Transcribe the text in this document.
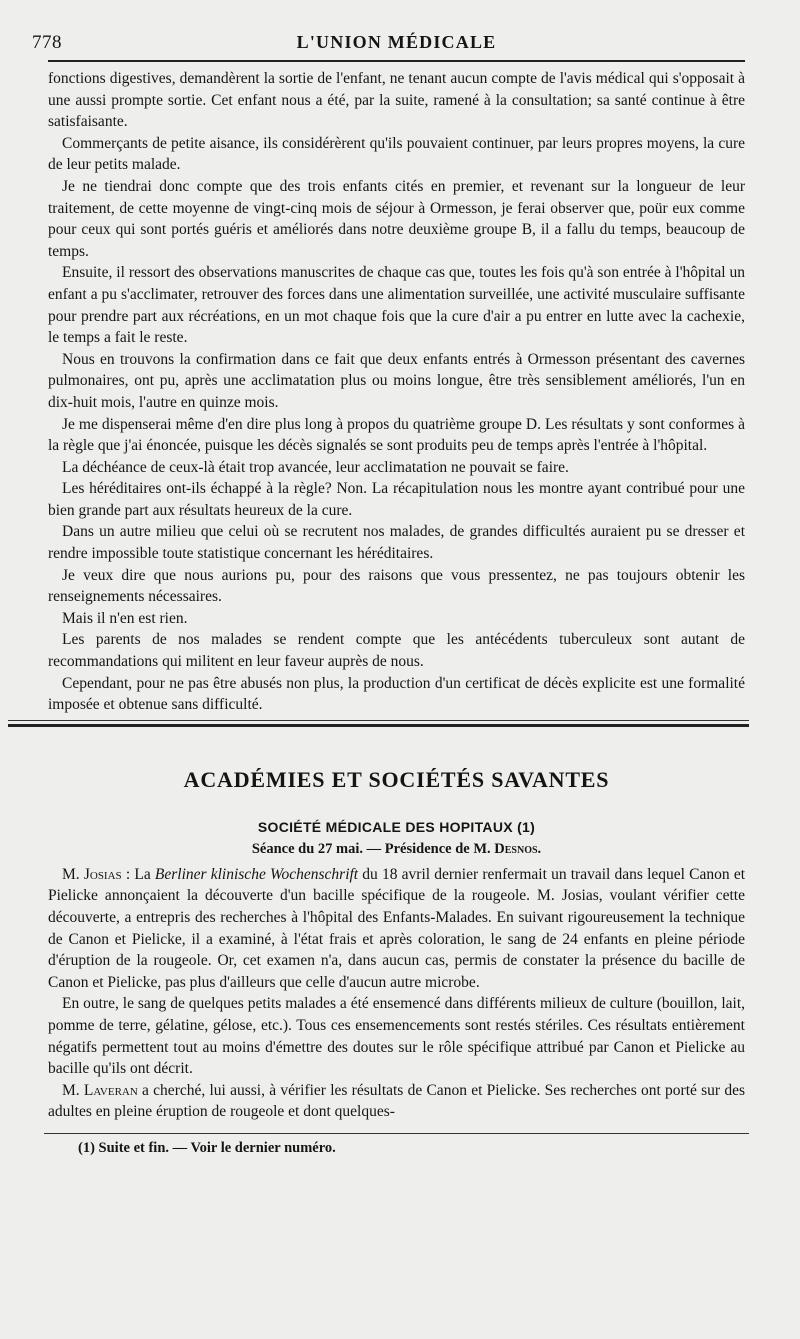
778	L'UNION MÉDICALE

fonctions digestives, demandèrent la sortie de l'enfant, ne tenant aucun compte de l'avis médical qui s'opposait à une aussi prompte sortie. Cet enfant nous a été, par la suite, ramené à la consultation; sa santé continue à être satisfaisante.

Commerçants de petite aisance, ils considérèrent qu'ils pouvaient continuer, par leurs propres moyens, la cure de leur petits malade.

Je ne tiendrai donc compte que des trois enfants cités en premier, et revenant sur la longueur de leur traitement, de cette moyenne de vingt-cinq mois de séjour à Ormesson, je ferai observer que, poür eux comme pour ceux qui sont portés guéris et améliorés dans notre deuxième groupe B, il a fallu du temps, beaucoup de temps.

Ensuite, il ressort des observations manuscrites de chaque cas que, toutes les fois qu'à son entrée à l'hôpital un enfant a pu s'acclimater, retrouver des forces dans une alimentation surveillée, une activité musculaire suffisante pour prendre part aux récréations, en un mot chaque fois que la cure d'air a pu entrer en lutte avec la cachexie, le temps a fait le reste.

Nous en trouvons la confirmation dans ce fait que deux enfants entrés à Ormesson présentant des cavernes pulmonaires, ont pu, après une acclimatation plus ou moins longue, être très sensiblement améliorés, l'un en dix-huit mois, l'autre en quinze mois.

Je me dispenserai même d'en dire plus long à propos du quatrième groupe D. Les résultats y sont conformes à la règle que j'ai énoncée, puisque les décès signalés se sont produits peu de temps après l'entrée à l'hôpital.

La déchéance de ceux-là était trop avancée, leur acclimatation ne pouvait se faire.

Les héréditaires ont-ils échappé à la règle? Non. La récapitulation nous les montre ayant contribué pour une bien grande part aux résultats heureux de la cure.

Dans un autre milieu que celui où se recrutent nos malades, de grandes difficultés auraient pu se dresser et rendre impossible toute statistique concernant les héréditaires.

Je veux dire que nous aurions pu, pour des raisons que vous pressentez, ne pas toujours obtenir les renseignements nécessaires.

Mais il n'en est rien.

Les parents de nos malades se rendent compte que les antécédents tuberculeux sont autant de recommandations qui militent en leur faveur auprès de nous.

Cependant, pour ne pas être abusés non plus, la production d'un certificat de décès explicite est une formalité imposée et obtenue sans difficulté.

ACADÉMIES ET SOCIÉTÉS SAVANTES
SOCIÉTÉ MÉDICALE DES HOPITAUX (1)
Séance du 27 mai. — Présidence de M. Desnos.

M. Josias : La Berliner klinische Wochenschrift du 18 avril dernier renfermait un travail dans lequel Canon et Pielicke annonçaient la découverte d'un bacille spécifique de la rougeole. M. Josias, voulant vérifier cette découverte, a entrepris des recherches à l'hôpital des Enfants-Malades. En suivant rigoureusement la technique de Canon et Pielicke, il a examiné, à l'état frais et après coloration, le sang de 24 enfants en pleine période d'éruption de la rougeole. Or, cet examen n'a, dans aucun cas, permis de constater la présence du bacille de Canon et Pielicke, pas plus d'ailleurs que celle d'aucun autre microbe.

En outre, le sang de quelques petits malades a été ensemencé dans différents milieux de culture (bouillon, lait, pomme de terre, gélatine, gélose, etc.). Tous ces ensemencements sont restés stériles. Ces résultats entièrement négatifs permettent tout au moins d'émettre des doutes sur le rôle spécifique attribué par Canon et Pielicke au bacille qu'ils ont décrit.

M. Laveran a cherché, lui aussi, à vérifier les résultats de Canon et Pielicke. Ses recherches ont porté sur des adultes en pleine éruption de rougeole et dont quelques-

(1) Suite et fin. — Voir le dernier numéro.
